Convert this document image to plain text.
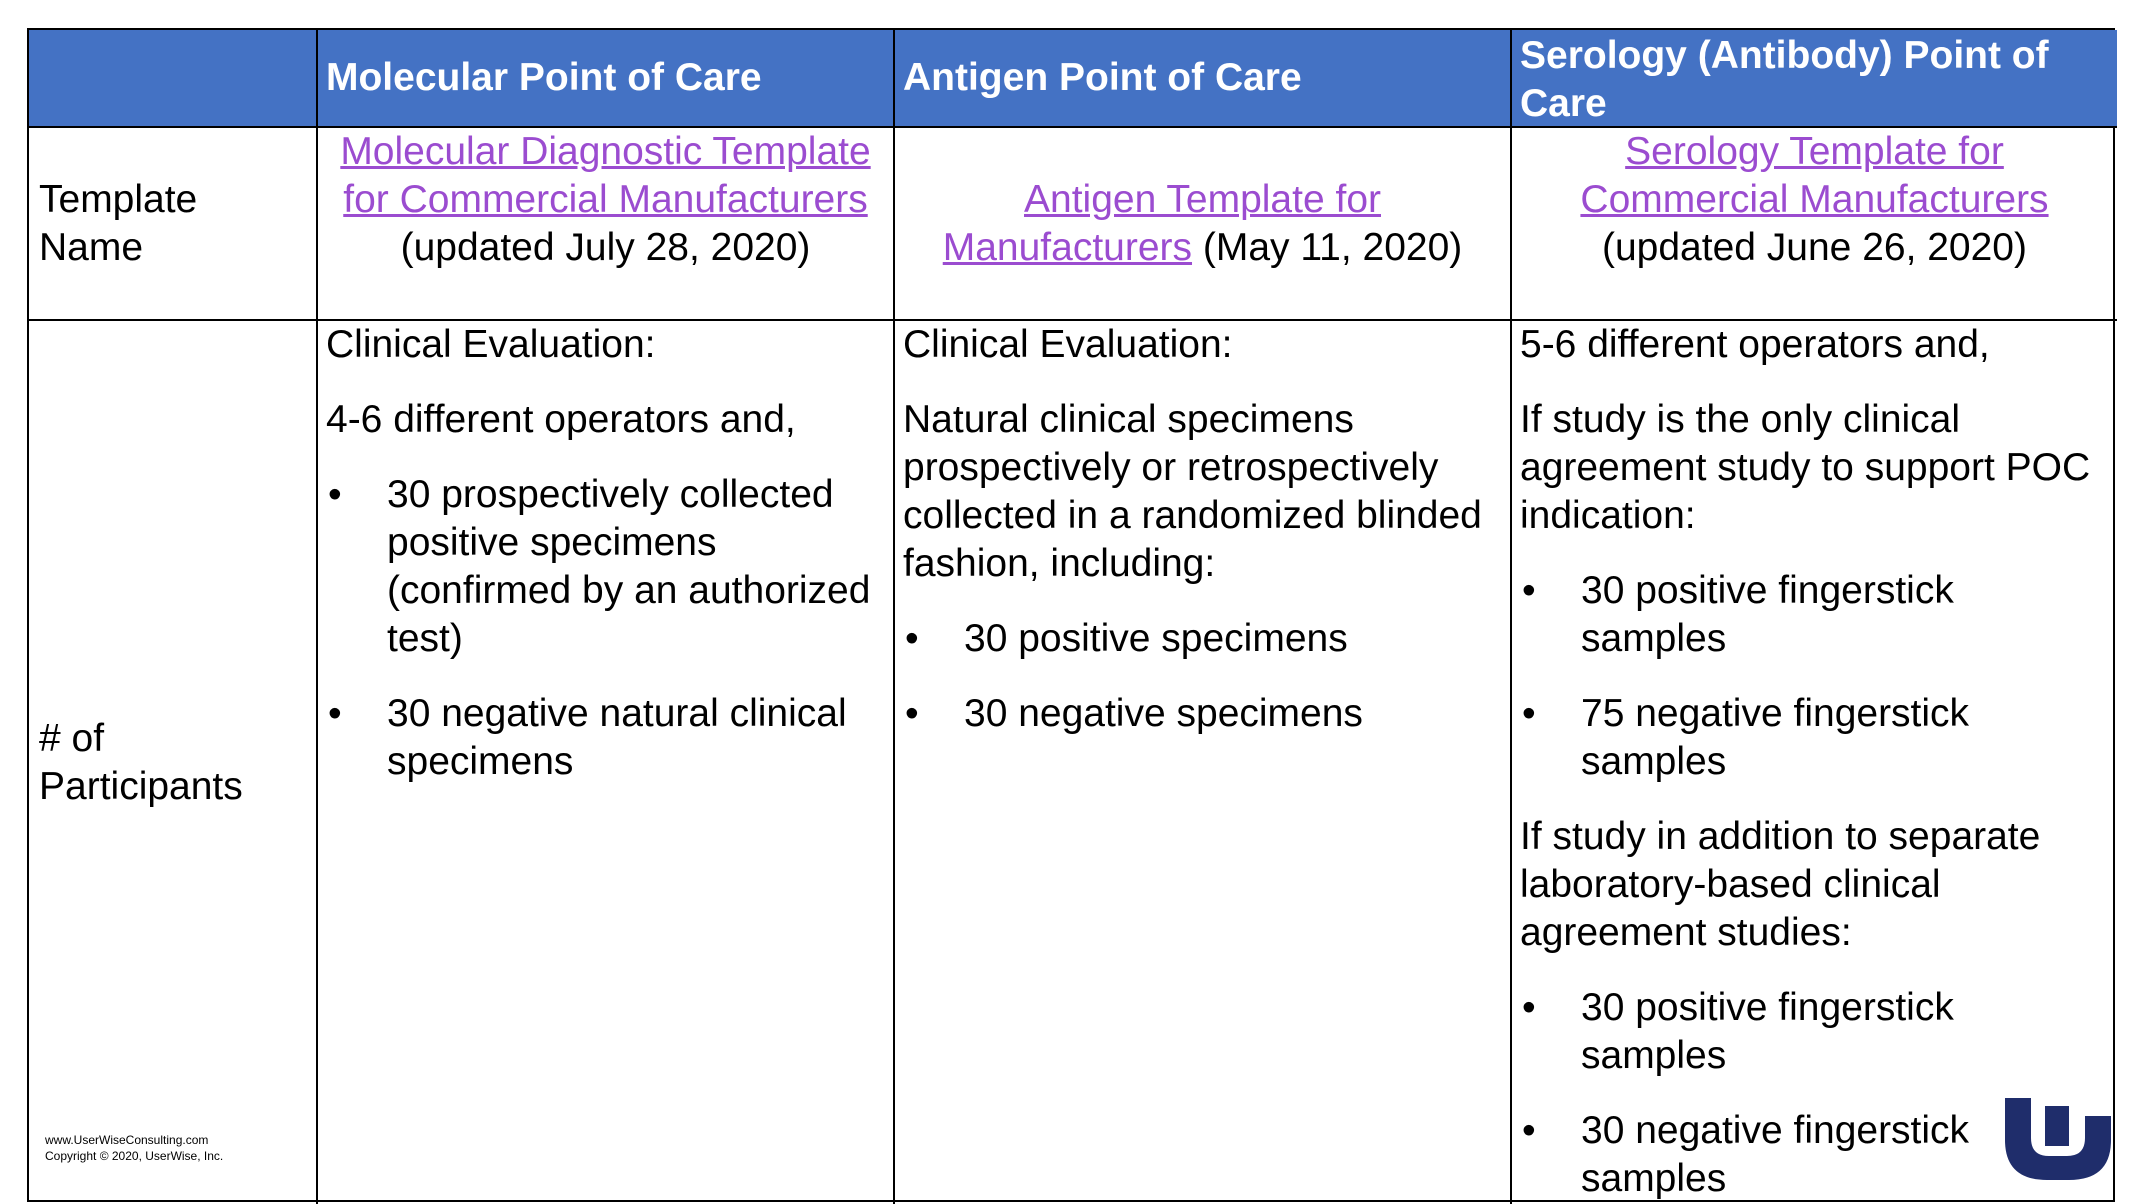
Molecular Point of Care	Antigen Point of Care
Serology (Antibody) Point of Care
Template Name
Molecular Diagnostic Template for Commercial Manufacturers (updated July 28, 2020)
Antigen Template for Manufacturers (May 11, 2020)
Serology Template for Commercial Manufacturers (updated June 26, 2020)
# of Participants
www.UserWiseConsulting.com
Copyright © 2020, UserWise, Inc.

Clinical Evaluation:

4-6 different operators and,

• 30 prospectively collected positive specimens (confirmed by an authorized test)
• 30 negative natural clinical specimens

Clinical Evaluation:

Natural clinical specimens prospectively or retrospectively collected in a randomized blinded fashion, including:

• 30 positive specimens
• 30 negative specimens

5-6 different operators and,

If study is the only clinical agreement study to support POC indication:

• 30 positive fingerstick samples
• 75 negative fingerstick samples

If study in addition to separate laboratory-based clinical agreement studies:

• 30 positive fingerstick samples
• 30 negative fingerstick samples
